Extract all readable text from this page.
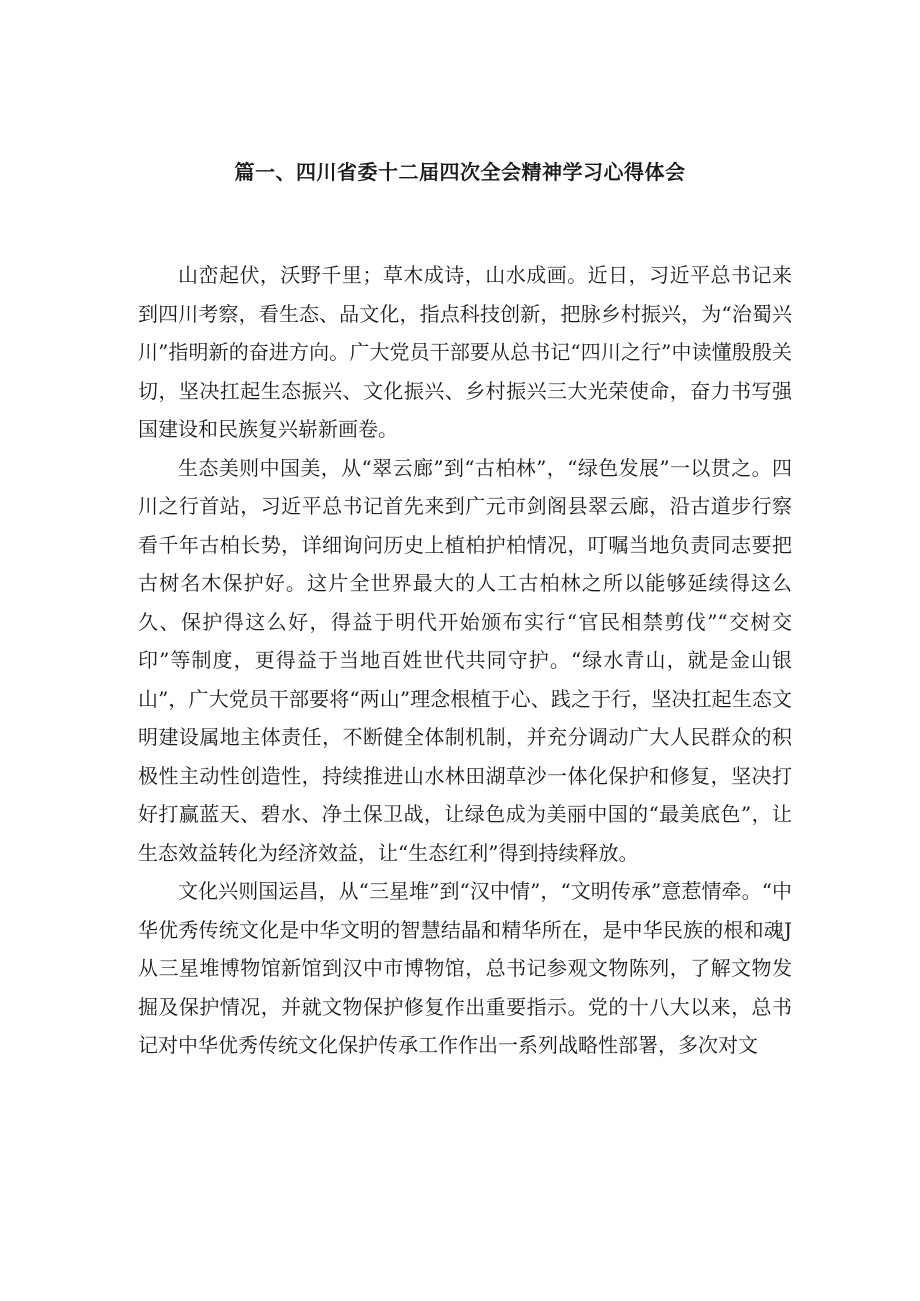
篇一、四川省委十二届四次全会精神学习心得体会

山峦起伏，沃野千里；草木成诗，山水成画。近日，习近平总书记来到四川考察，看生态、品文化，指点科技创新，把脉乡村振兴，为“治蜀兴川”指明新的奋进方向。广大党员干部要从总书记“四川之行”中读懂殷殷关切，坚决扛起生态振兴、文化振兴、乡村振兴三大光荣使命，奋力书写强国建设和民族复兴崭新画卷。

生态美则中国美，从“翠云廊”到“古柏林”，“绿色发展”一以贯之。四川之行首站，习近平总书记首先来到广元市剑阁县翠云廊，沿古道步行察看千年古柏长势，详细询问历史上植柏护柏情况，叮嘱当地负责同志要把古树名木保护好。这片全世界最大的人工古柏林之所以能够延续得这么久、保护得这么好，得益于明代开始颁布实行“官民相禁剪伐”“交树交印”等制度，更得益于当地百姓世代共同守护。“绿水青山，就是金山银山”，广大党员干部要将“两山”理念根植于心、践之于行，坚决扛起生态文明建设属地主体责任，不断健全体制机制，并充分调动广大人民群众的积极性主动性创造性，持续推进山水林田湖草沙一体化保护和修复，坚决打好打赢蓝天、碧水、净土保卫战，让绿色成为美丽中国的“最美底色”，让生态效益转化为经济效益，让“生态红利”得到持续释放。

文化兴则国运昌，从“三星堆”到“汉中情”，“文明传承”意惹情牵。“中华优秀传统文化是中华文明的智慧结晶和精华所在，是中华民族的根和魂J从三星堆博物馆新馆到汉中市博物馆，总书记参观文物陈列，了解文物发掘及保护情况，并就文物保护修复作出重要指示。党的十八大以来，总书记对中华优秀传统文化保护传承工作作出一系列战略性部署，多次对文
